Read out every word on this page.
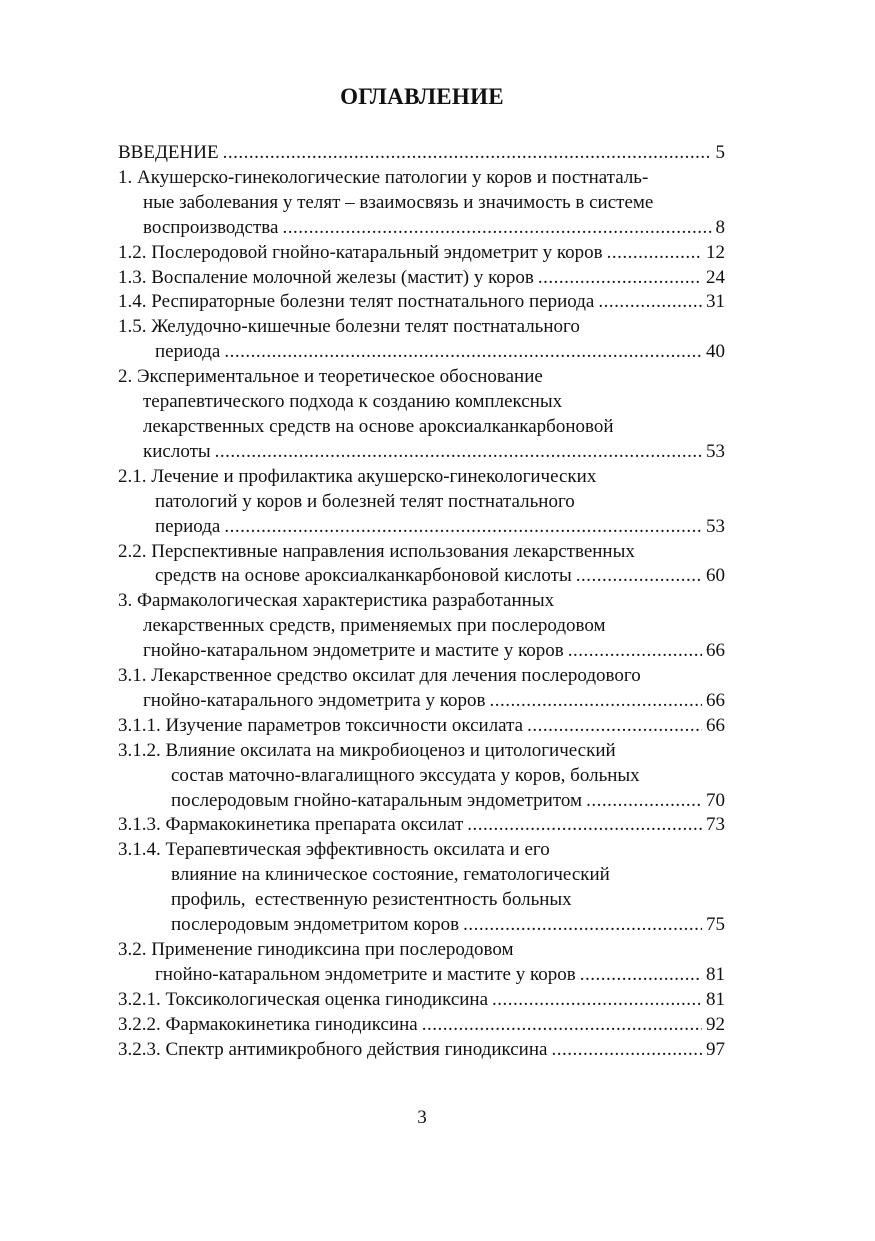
ОГЛАВЛЕНИЕ
ВВЕДЕНИЕ .....	5
1. Акушерско-гинекологические патологии у коров и постнаталь-
ные заболевания у телят – взаимосвязь и значимость в системе
воспроизводства .....	8
1.2. Послеродовой гнойно-катаральный эндометрит у коров .....	12
1.3. Воспаление молочной железы (мастит) у коров .....	24
1.4. Респираторные болезни телят постнатального периода .....	31
1.5. Желудочно-кишечные болезни телят постнатального
периода .....	40
2. Экспериментальное и теоретическое обоснование
терапевтического подхода к созданию комплексных
лекарственных средств на основе ароксиалканкарбоновой
кислоты .....	53
2.1. Лечение и профилактика акушерско-гинекологических
патологий у коров и болезней телят постнатального
периода .....	53
2.2. Перспективные направления использования лекарственных
средств на основе ароксиалканкарбоновой кислоты .....	60
3. Фармакологическая характеристика разработанных
лекарственных средств, применяемых при послеродовом
гнойно-катаральном эндометрите и мастите у коров .....	66
3.1. Лекарственное средство оксилат для лечения послеродового
гнойно-катарального эндометрита у коров .....	66
3.1.1. Изучение параметров токсичности оксилата .....	66
3.1.2. Влияние оксилата на микробиоценоз и цитологический
состав маточно-влагалищного экссудата у коров, больных
послеродовым гнойно-катаральным эндометритом .....	70
3.1.3. Фармакокинетика препарата оксилат .....	73
3.1.4. Терапевтическая эффективность оксилата и его
влияние на клиническое состояние, гематологический
профиль,  естественную резистентность больных
послеродовым эндометритом коров .....	75
3.2. Применение гинодиксина при послеродовом
гнойно-катаральном эндометрите и мастите у коров .....	81
3.2.1. Токсикологическая оценка гинодиксина .....	81
3.2.2. Фармакокинетика гинодиксина .....	92
3.2.3. Спектр антимикробного действия гинодиксина .....	97
3
